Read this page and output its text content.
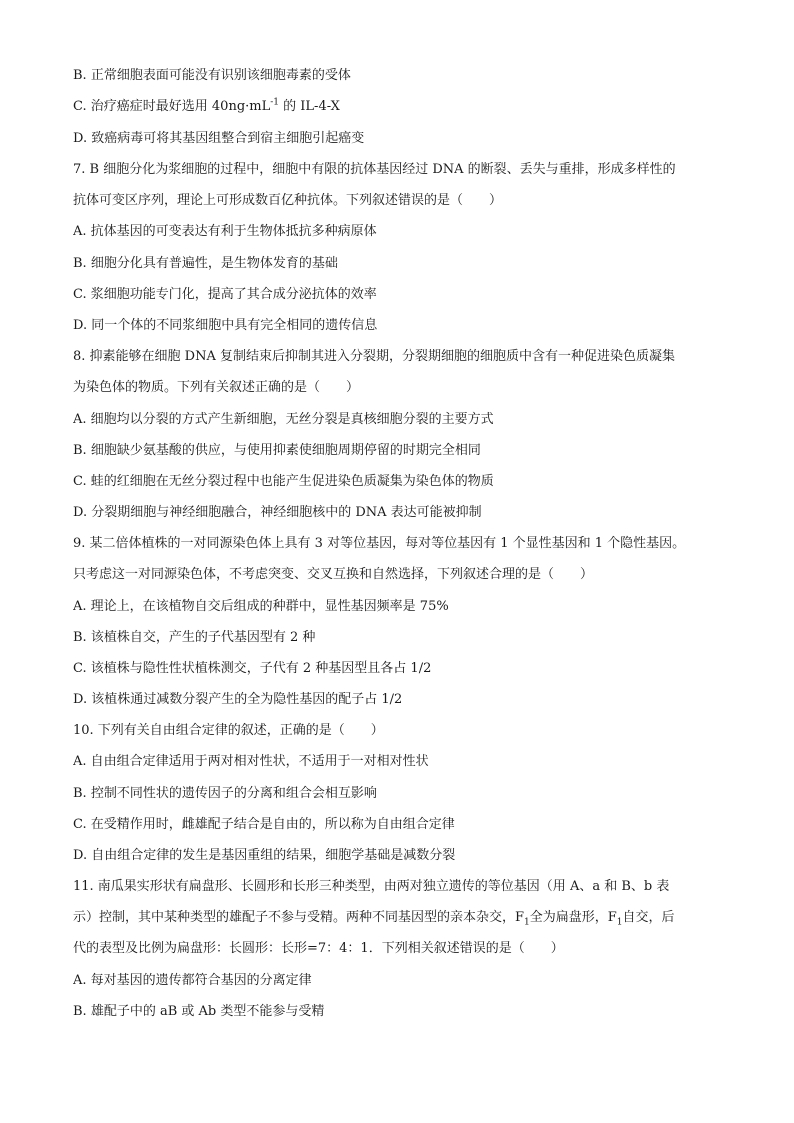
B. 正常细胞表面可能没有识别该细胞毒素的受体
C. 治疗癌症时最好选用 $40ng\cdot mL^{-1}$ 的 IL-4-X
D. 致癌病毒可将其基因组整合到宿主细胞引起癌变
7. B 细胞分化为浆细胞的过程中，细胞中有限的抗体基因经过 DNA 的断裂、丢失与重排，形成多样性的
抗体可变区序列，理论上可形成数百亿种抗体。下列叙述错误的是（　　）
A. 抗体基因的可变表达有利于生物体抵抗多种病原体
B. 细胞分化具有普遍性，是生物体发育的基础
C. 浆细胞功能专门化，提高了其合成分泌抗体的效率
D. 同一个体的不同浆细胞中具有完全相同的遗传信息
8. 抑素能够在细胞 DNA 复制结束后抑制其进入分裂期，分裂期细胞的细胞质中含有一种促进染色质凝集
为染色体的物质。下列有关叙述正确的是（　　）
A. 细胞均以分裂的方式产生新细胞，无丝分裂是真核细胞分裂的主要方式
B. 细胞缺少氨基酸的供应，与使用抑素使细胞周期停留的时期完全相同
C. 蛙的红细胞在无丝分裂过程中也能产生促进染色质凝集为染色体的物质
D. 分裂期细胞与神经细胞融合，神经细胞核中的 DNA 表达可能被抑制
9. 某二倍体植株的一对同源染色体上具有 3 对等位基因，每对等位基因有 1 个显性基因和 1 个隐性基因。
只考虑这一对同源染色体，不考虑突变、交叉互换和自然选择，下列叙述合理的是（　　）
A. 理论上，在该植物自交后组成的种群中，显性基因频率是 75%
B. 该植株自交，产生的子代基因型有 2 种
C. 该植株与隐性性状植株测交，子代有 2 种基因型且各占 1/2
D. 该植株通过减数分裂产生的全为隐性基因的配子占 1/2
10. 下列有关自由组合定律的叙述，正确的是（　　）
A. 自由组合定律适用于两对相对性状，不适用于一对相对性状
B. 控制不同性状的遗传因子的分离和组合会相互影响
C. 在受精作用时，雌雄配子结合是自由的，所以称为自由组合定律
D. 自由组合定律的发生是基因重组的结果，细胞学基础是减数分裂
11. 南瓜果实形状有扁盘形、长圆形和长形三种类型，由两对独立遗传的等位基因（用 A、a 和 B、b 表
示）控制，其中某种类型的雄配子不参与受精。两种不同基因型的亲本杂交，$F_1$全为扁盘形，$F_1$自交，后
代的表型及比例为扁盘形：长圆形：长形=7：4：1．下列相关叙述错误的是（　　）
A. 每对基因的遗传都符合基因的分离定律
B. 雄配子中的 aB 或 Ab 类型不能参与受精
